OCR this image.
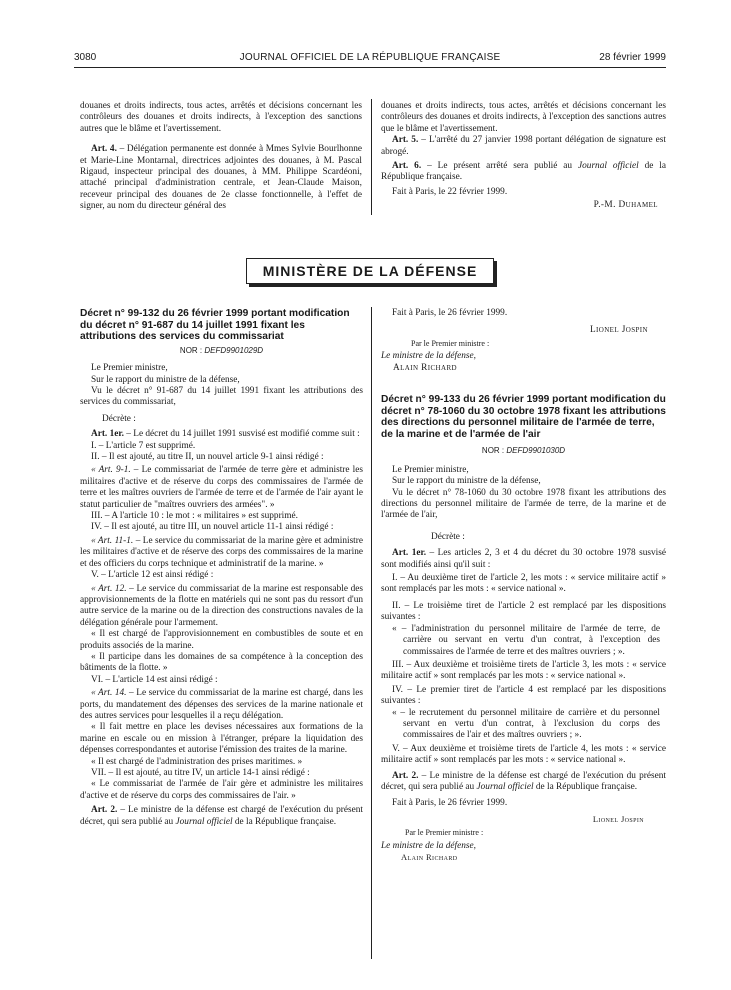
3080	JOURNAL OFFICIEL DE LA RÉPUBLIQUE FRANÇAISE	28 février 1999

douanes et droits indirects, tous actes, arrêtés et décisions concernant les contrôleurs des douanes et droits indirects, à l'exception des sanctions autres que le blâme et l'avertissement.

Art. 4. – Délégation permanente est donnée à Mmes Sylvie Bourlhonne et Marie-Line Montarnal, directrices adjointes des douanes, à M. Pascal Rigaud, inspecteur principal des douanes, à MM. Philippe Scardéoni, attaché principal d'administration centrale, et Jean-Claude Maison, receveur principal des douanes de 2e classe fonctionnelle, à l'effet de signer, au nom du directeur général des

douanes et droits indirects, tous actes, arrêtés et décisions concernant les contrôleurs des douanes et droits indirects, à l'exception des sanctions autres que le blâme et l'avertissement.

Art. 5. – L'arrêté du 27 janvier 1998 portant délégation de signature est abrogé.

Art. 6. – Le présent arrêté sera publié au Journal officiel de la République française.

Fait à Paris, le 22 février 1999.

P.-M. Duhamel

MINISTÈRE DE LA DÉFENSE

Décret n° 99-132 du 26 février 1999 portant modification du décret n° 91-687 du 14 juillet 1991 fixant les attributions des services du commissariat

NOR : DEFD9901029D

Le Premier ministre,

Sur le rapport du ministre de la défense,

Vu le décret n° 91-687 du 14 juillet 1991 fixant les attributions des services du commissariat,

Décrète :

Art. 1er. – Le décret du 14 juillet 1991 susvisé est modifié comme suit :

I. – L'article 7 est supprimé.

II. – Il est ajouté, au titre II, un nouvel article 9-1 ainsi rédigé :

« Art. 9-1. – Le commissariat de l'armée de terre gère et administre les militaires d'active et de réserve du corps des commissaires de l'armée de terre et les maîtres ouvriers de l'armée de terre et de l'armée de l'air ayant le statut particulier de "maîtres ouvriers des armées". »

III. – A l'article 10 : le mot : « militaires » est supprimé.

IV. – Il est ajouté, au titre III, un nouvel article 11-1 ainsi rédigé :

« Art. 11-1. – Le service du commissariat de la marine gère et administre les militaires d'active et de réserve des corps des commissaires de la marine et des officiers du corps technique et administratif de la marine. »

V. – L'article 12 est ainsi rédigé :

« Art. 12. – Le service du commissariat de la marine est responsable des approvisionnements de la flotte en matériels qui ne sont pas du ressort d'un autre service de la marine ou de la direction des constructions navales de la délégation générale pour l'armement.

« Il est chargé de l'approvisionnement en combustibles de soute et en produits associés de la marine.

« Il participe dans les domaines de sa compétence à la conception des bâtiments de la flotte. »

VI. – L'article 14 est ainsi rédigé :

« Art. 14. – Le service du commissariat de la marine est chargé, dans les ports, du mandatement des dépenses des services de la marine nationale et des autres services pour lesquelles il a reçu délégation.

« Il fait mettre en place les devises nécessaires aux formations de la marine en escale ou en mission à l'étranger, prépare la liquidation des dépenses correspondantes et autorise l'émission des traites de la marine.

« Il est chargé de l'administration des prises maritimes. »

VII. – Il est ajouté, au titre IV, un article 14-1 ainsi rédigé :

« Le commissariat de l'armée de l'air gère et administre les militaires d'active et de réserve du corps des commissaires de l'air. »

Art. 2. – Le ministre de la défense est chargé de l'exécution du présent décret, qui sera publié au Journal officiel de la République française.

Fait à Paris, le 26 février 1999.

Lionel Jospin

Par le Premier ministre :

Le ministre de la défense,

Alain Richard

Décret n° 99-133 du 26 février 1999 portant modification du décret n° 78-1060 du 30 octobre 1978 fixant les attributions des directions du personnel militaire de l'armée de terre, de la marine et de l'armée de l'air

NOR : DEFD9901030D

Le Premier ministre,

Sur le rapport du ministre de la défense,

Vu le décret n° 78-1060 du 30 octobre 1978 fixant les attributions des directions du personnel militaire de l'armée de terre, de la marine et de l'armée de l'air,

Décrète :

Art. 1er. – Les articles 2, 3 et 4 du décret du 30 octobre 1978 susvisé sont modifiés ainsi qu'il suit :

I. – Au deuxième tiret de l'article 2, les mots : « service militaire actif » sont remplacés par les mots : « service national ».

II. – Le troisième tiret de l'article 2 est remplacé par les dispositions suivantes :

« – l'administration du personnel militaire de l'armée de terre, de carrière ou servant en vertu d'un contrat, à l'exception des commissaires de l'armée de terre et des maîtres ouvriers ; ».

III. – Aux deuxième et troisième tirets de l'article 3, les mots : « service militaire actif » sont remplacés par les mots : « service national ».

IV. – Le premier tiret de l'article 4 est remplacé par les dispositions suivantes :

« – le recrutement du personnel militaire de carrière et du personnel servant en vertu d'un contrat, à l'exclusion du corps des commissaires de l'air et des maîtres ouvriers ; ».

V. – Aux deuxième et troisième tirets de l'article 4, les mots : « service militaire actif » sont remplacés par les mots : « service national ».

Art. 2. – Le ministre de la défense est chargé de l'exécution du présent décret, qui sera publié au Journal officiel de la République française.

Fait à Paris, le 26 février 1999.

Lionel Jospin

Par le Premier ministre :

Le ministre de la défense,

Alain Richard
